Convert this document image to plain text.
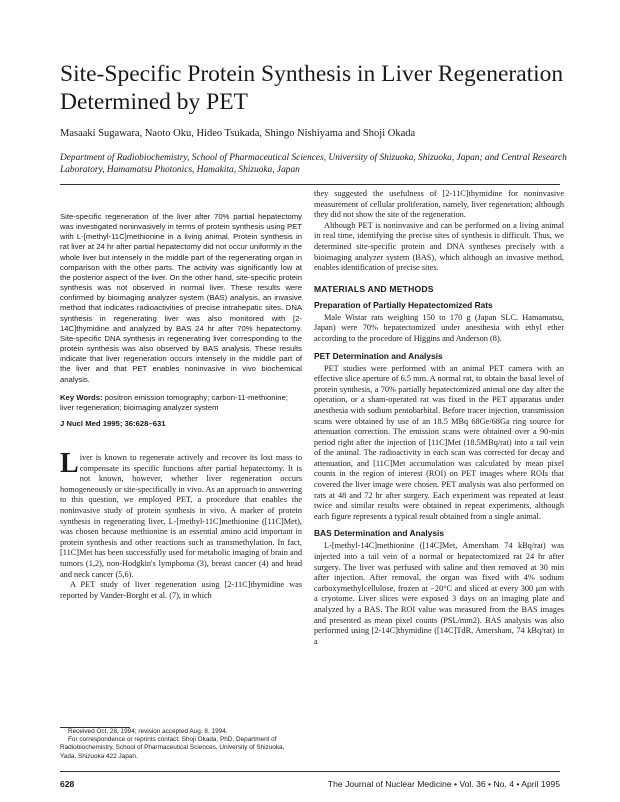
Site-Specific Protein Synthesis in Liver Regeneration Determined by PET

Masaaki Sugawara, Naoto Oku, Hideo Tsukada, Shingo Nishiyama and Shoji Okada

Department of Radiobiochemistry, School of Pharmaceutical Sciences, University of Shizuoka, Shizuoka, Japan; and Central Research Laboratory, Hamamatsu Photonics, Hamakita, Shizuoka, Japan

Site-specific regeneration of the liver after 70% partial hepatectomy was investigated noninvasively in terms of protein synthesis using PET with L-[methyl-11C]methionine in a living animal. Protein synthesis in rat liver at 24 hr after partial hepatectomy did not occur uniformly in the whole liver but intensely in the middle part of the regenerating organ in comparison with the other parts. The activity was significantly low at the posterior aspect of the liver. On the other hand, site-specific protein synthesis was not observed in normal liver. These results were confirmed by bioimaging analyzer system (BAS) analysis, an invasive method that indicates radioactivities of precise intrahepatic sites. DNA synthesis in regenerating liver was also monitored with [2-14C]thymidine and analyzed by BAS 24 hr after 70% hepatectomy. Site-specific DNA synthesis in regenerating liver corresponding to the protein synthesis was also observed by BAS analysis. These results indicate that liver regeneration occurs intensely in the middle part of the liver and that PET enables noninvasive in vivo biochemical analysis.

Key Words: positron emission tomography; carbon-11-methionine; liver regeneration; bioimaging analyzer system

J Nucl Med 1995; 36:628–631

Liver is known to regenerate actively and recover its lost mass to compensate its specific functions after partial hepatectomy. It is not known, however, whether liver regeneration occurs homogeneously or site-specifically in vivo. As an approach to answering to this question, we employed PET, a procedure that enables the noninvasive study of protein synthesis in vivo. A marker of protein synthesis in regenerating liver, L-[methyl-11C]methionine ([11C]Met), was chosen because methionine is an essential amino acid important in protein synthesis and other reactions such as transmethylation. In fact, [11C]Met has been successfully used for metabolic imaging of brain and tumors (1,2), non-Hodgkin's lymphoma (3), breast cancer (4) and head and neck cancer (5,6).

A PET study of liver regeneration using [2-11C]thymidine was reported by Vander-Borght et al. (7), in which

they suggested the usefulness of [2-11C]thymidine for noninvasive measurement of cellular proliferation, namely, liver regeneration; although they did not show the site of the regeneration.

Although PET is noninvasive and can be performed on a living animal in real time, identifying the precise sites of synthesis is difficult. Thus, we determined site-specific protein and DNA syntheses precisely with a bioimaging analyzer system (BAS), which although an invasive method, enables identification of precise sites.

MATERIALS AND METHODS
Preparation of Partially Hepatectomized Rats

Male Wistar rats weighing 150 to 170 g (Japan SLC. Hamamatsu, Japan) were 70% hepatectomized under anesthesia with ethyl ether according to the procedure of Higgins and Anderson (8).

PET Determination and Analysis

PET studies were performed with an animal PET camera with an effective slice aperture of 6.5 mm. A normal rat, to obtain the basal level of protein synthesis, a 70% partially hepatectomized animal one day after the operation, or a sham-operated rat was fixed in the PET apparatus under anesthesia with sodium pentobarbital. Before tracer injection, transmission scans were obtained by use of an 18.5 MBq 68Ge/68Ga ring source for attenuation correction. The emission scans were obtained over a 90-min period right after the injection of [11C]Met (18.5MBq/rat) into a tail vein of the animal. The radioactivity in each scan was corrected for decay and attenuation, and [11C]Met accumulation was calculated by mean pixel counts in the region of interest (ROI) on PET images where ROIs that covered the liver image were chosen. PET analysis was also performed on rats at 48 and 72 hr after surgery. Each experiment was repeated at least twice and similar results were obtained in repeat experiments, although each figure represents a typical result obtained from a single animal.

BAS Determination and Analysis

L-[methyl-14C]methionine ([14C]Met, Amersham 74 kBq/rat) was injected into a tail vein of a normal or hepatectomized rat 24 hr after surgery. The liver was perfused with saline and then removed at 30 min after injection. After removal, the organ was fixed with 4% sodium carboxymethylcellulose, frozen at −20°C and sliced at every 300 μm with a cryotome. Liver slices were exposed 3 days on an imaging plate and analyzed by a BAS. The ROI value was measured from the BAS images and presented as mean pixel counts (PSL/mm2). BAS analysis was also performed using [2-14C]thymidine ([14C]TdR, Amersham, 74 kBq/rat) in a

Received Oct. 28, 1994; revision accepted Aug. 8, 1994.

For correspondence or reprints contact: Shoji Okada, PhD, Department of Radiobiochemistry, School of Pharmaceutical Sciences, University of Shizuoka, Yada, Shizuoka 422 Japan.

628	The Journal of Nuclear Medicine • Vol. 36 • No. 4 • April 1995
